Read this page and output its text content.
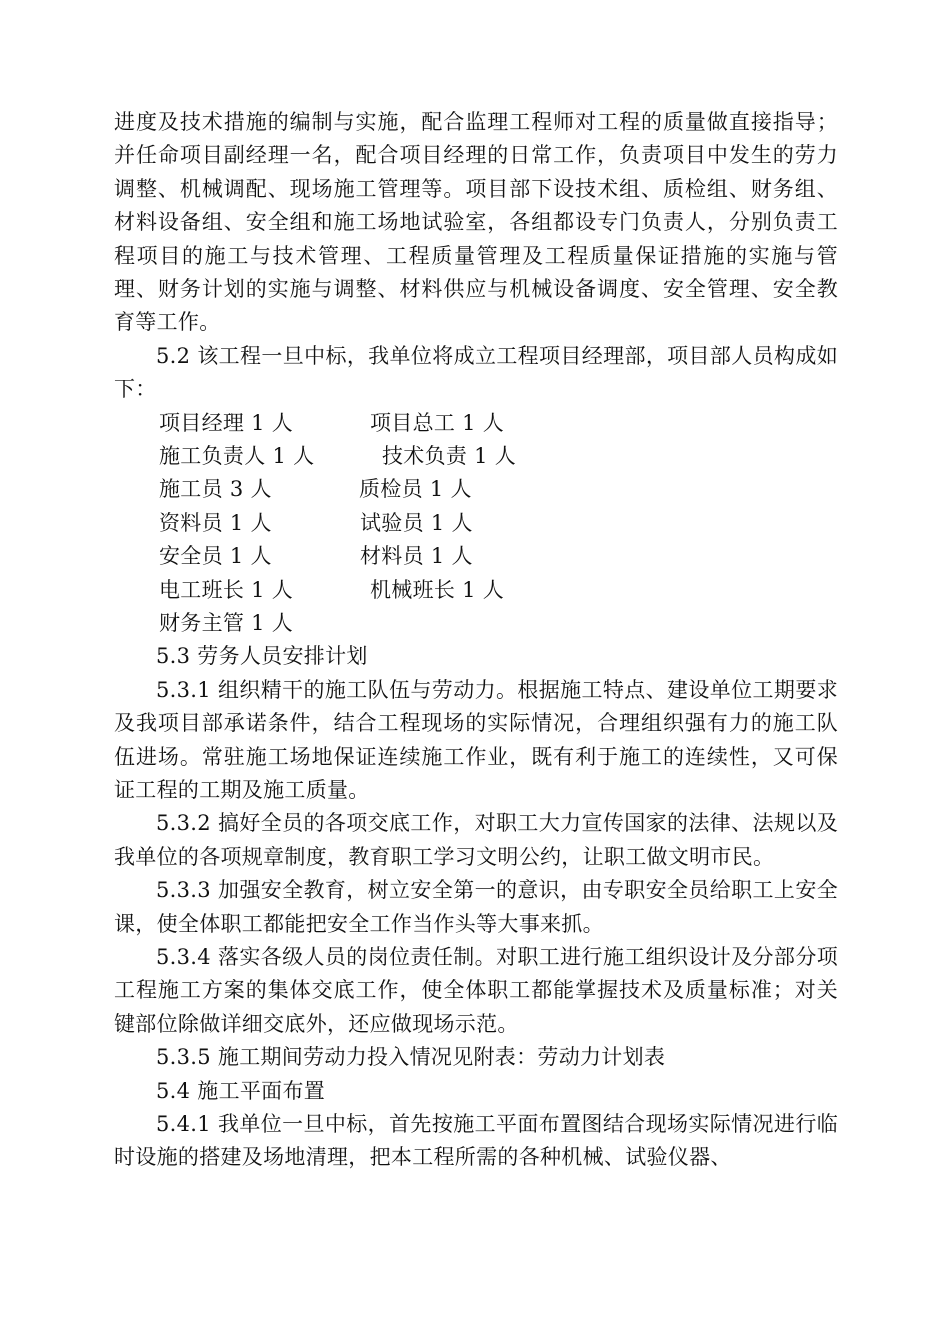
进度及技术措施的编制与实施，配合监理工程师对工程的质量做直接指导；并任命项目副经理一名，配合项目经理的日常工作，负责项目中发生的劳力调整、机械调配、现场施工管理等。项目部下设技术组、质检组、财务组、材料设备组、安全组和施工场地试验室，各组都设专门负责人，分别负责工程项目的施工与技术管理、工程质量管理及工程质量保证措施的实施与管理、财务计划的实施与调整、材料供应与机械设备调度、安全管理、安全教育等工作。

5.2 该工程一旦中标，我单位将成立工程项目经理部，项目部人员构成如下：

项目经理 1 人	项目总工 1 人
施工负责人 1 人	技术负责 1 人
施工员 3 人	质检员 1 人
资料员 1 人	试验员 1 人
安全员 1 人	材料员 1 人
电工班长 1 人	机械班长 1 人
财务主管 1 人

5.3 劳务人员安排计划

5.3.1 组织精干的施工队伍与劳动力。根据施工特点、建设单位工期要求及我项目部承诺条件，结合工程现场的实际情况，合理组织强有力的施工队伍进场。常驻施工场地保证连续施工作业，既有利于施工的连续性，又可保证工程的工期及施工质量。

5.3.2 搞好全员的各项交底工作，对职工大力宣传国家的法律、法规以及我单位的各项规章制度，教育职工学习文明公约，让职工做文明市民。

5.3.3 加强安全教育，树立安全第一的意识，由专职安全员给职工上安全课，使全体职工都能把安全工作当作头等大事来抓。

5.3.4 落实各级人员的岗位责任制。对职工进行施工组织设计及分部分项工程施工方案的集体交底工作，使全体职工都能掌握技术及质量标准；对关键部位除做详细交底外，还应做现场示范。

5.3.5 施工期间劳动力投入情况见附表：劳动力计划表

5.4 施工平面布置

5.4.1 我单位一旦中标，首先按施工平面布置图结合现场实际情况进行临时设施的搭建及场地清理，把本工程所需的各种机械、试验仪器、
